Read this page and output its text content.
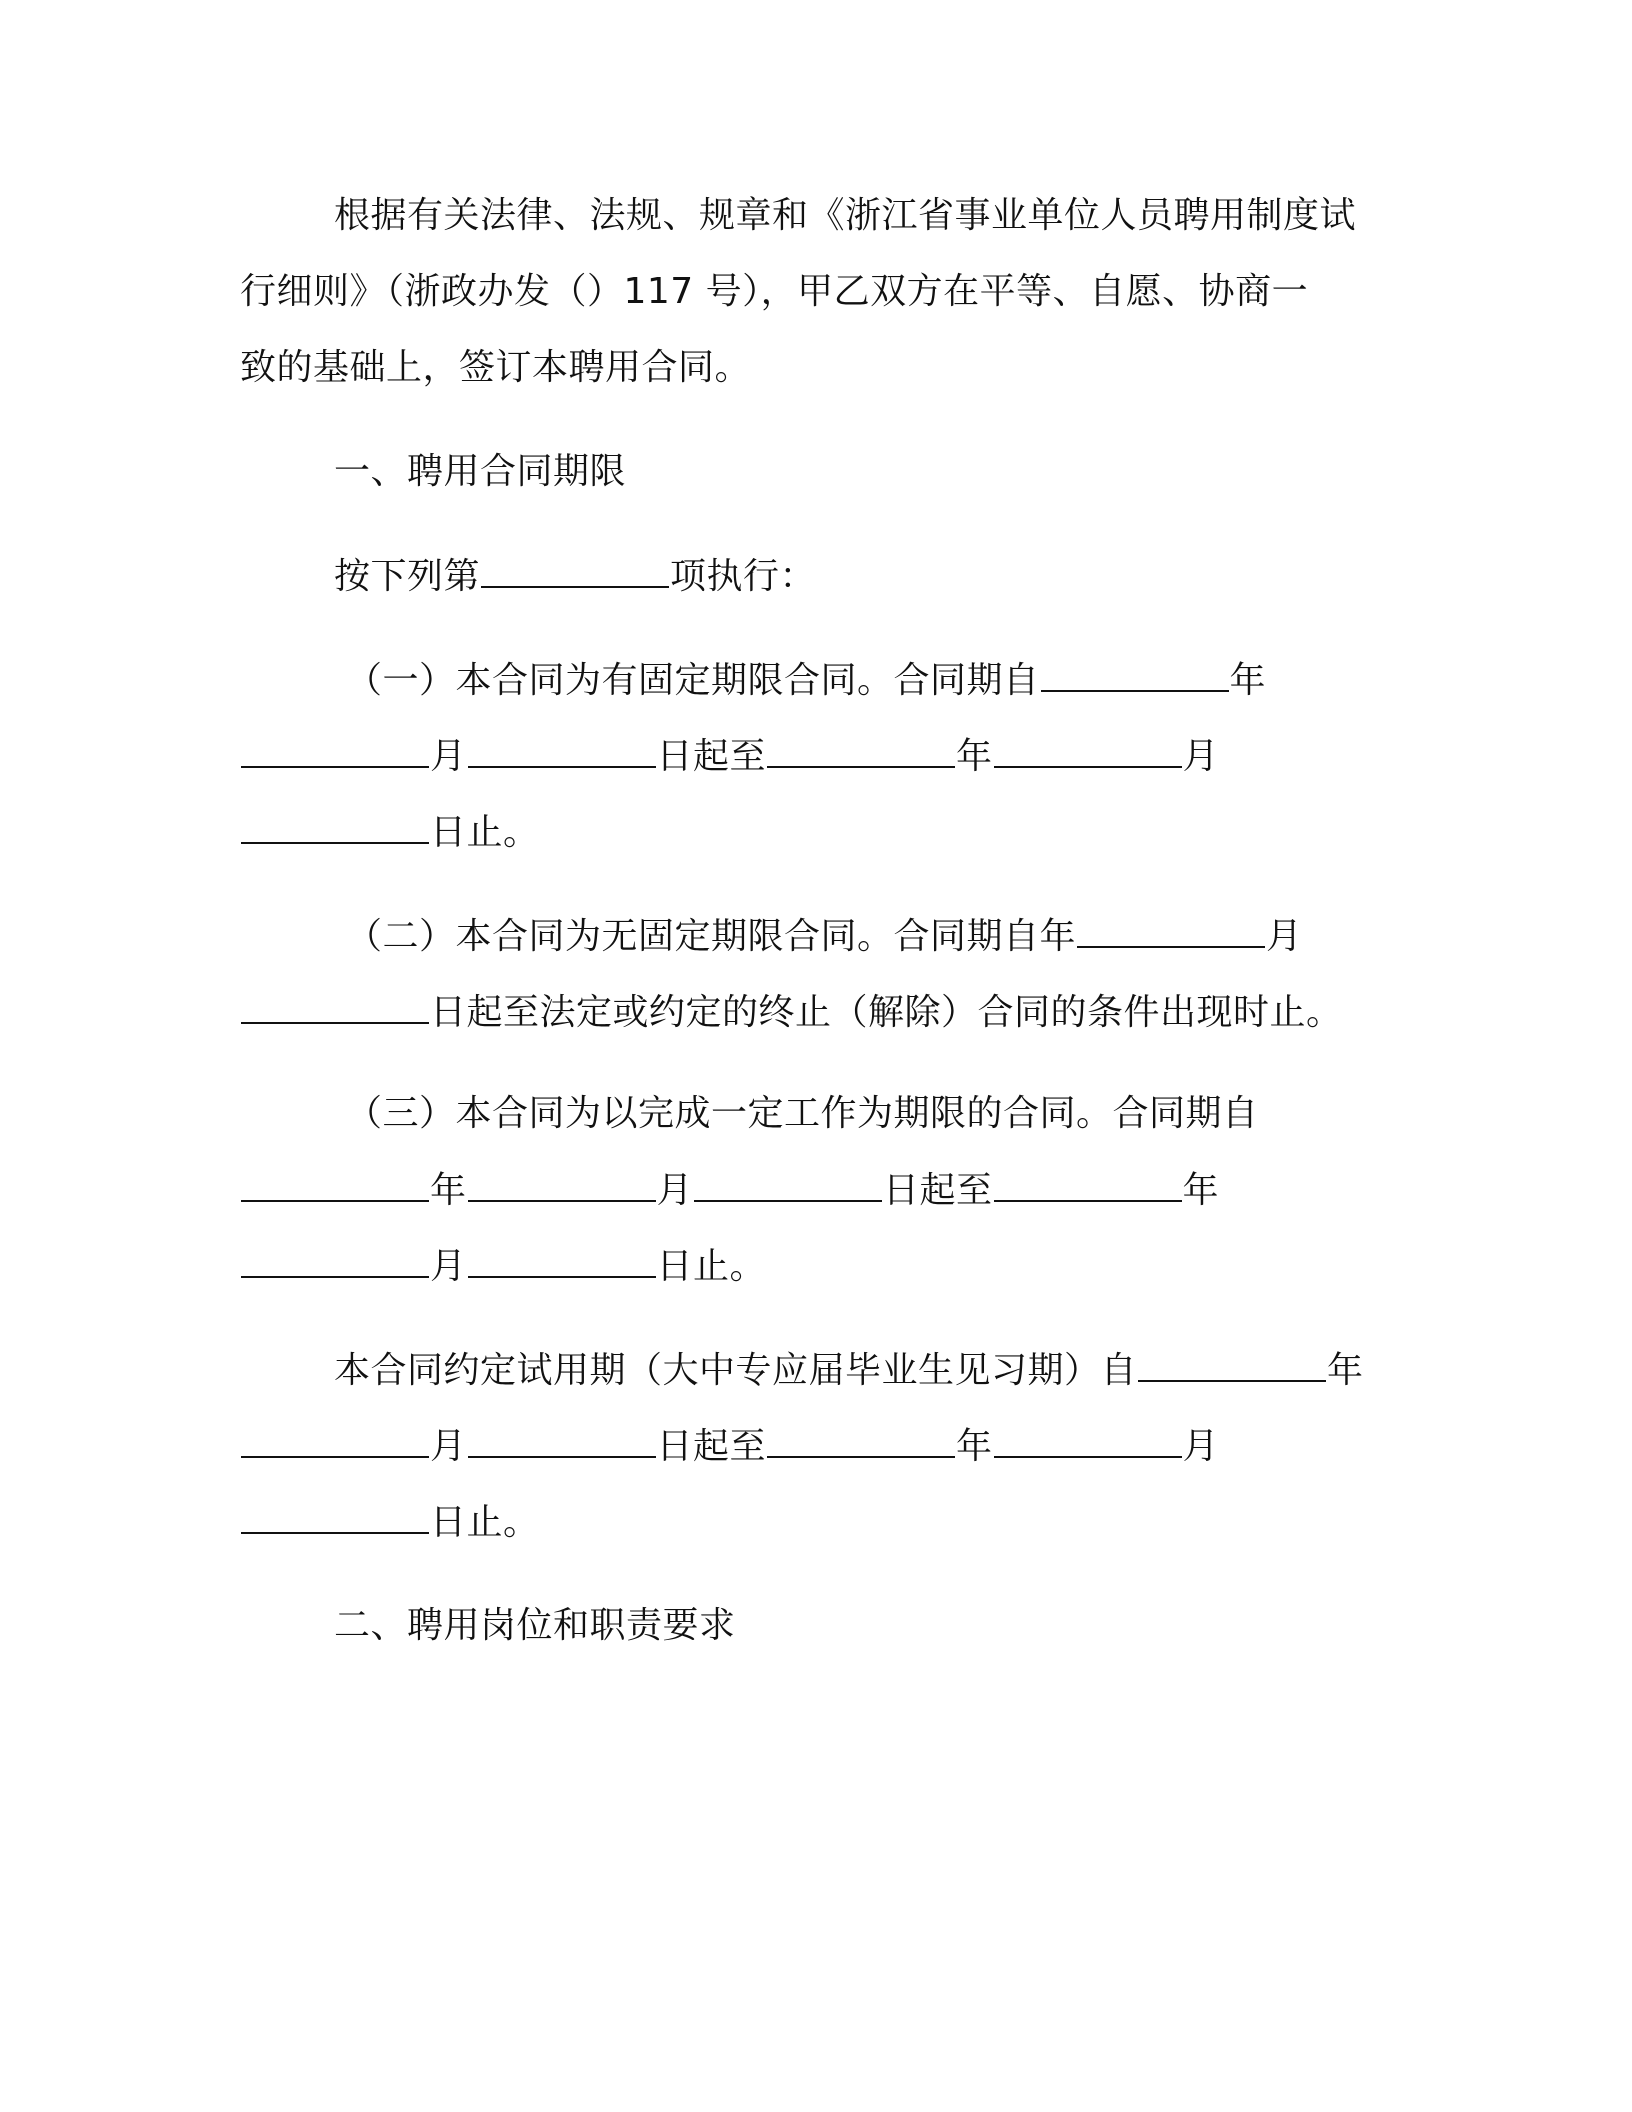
根据有关法律、法规、规章和《浙江省事业单位人员聘用制度试
行细则》（浙政办发（）117 号），甲乙双方在平等、自愿、协商一
致的基础上，签订本聘用合同。
一、聘用合同期限
按下列第	项执行：
（一）本合同为有固定期限合同。合同期自	年
月	日起至	年	月
日止。
（二）本合同为无固定期限合同。合同期自年	月
日起至法定或约定的终止（解除）合同的条件出现时止。
（三）本合同为以完成一定工作为期限的合同。合同期自
年	月	日起至	年
月	日止。
本合同约定试用期（大中专应届毕业生见习期）自	年
月	日起至	年	月
日止。
二、聘用岗位和职责要求
